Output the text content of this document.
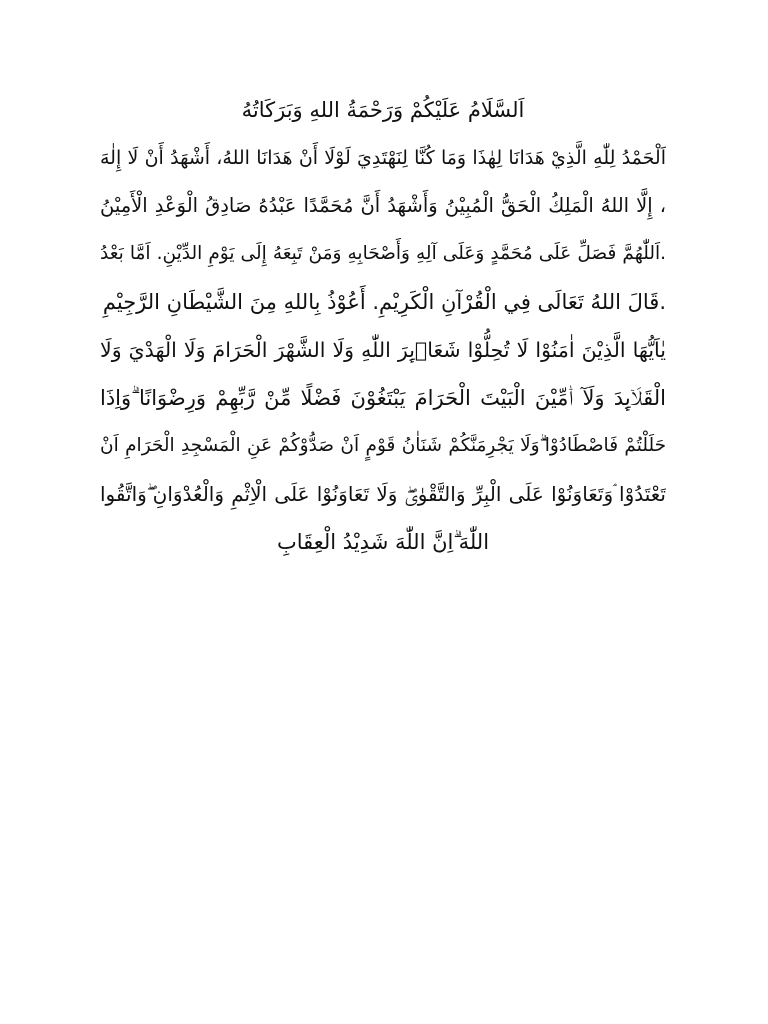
اَلسَّلَامُ عَلَيْكُمْ وَرَحْمَةُ اللهِ وَبَرَكَاتُهُ
اَلْحَمْدُ لِلّٰهِ الَّذِيْ هَدَانَا لِهٰذَا وَمَا كُنَّا لِنَهْتَدِيَ لَوْلَا أَنْ هَدَانَا اللهُ، أَشْهَدُ أَنْ لَا إِلٰهَ
، إِلَّا اللهُ الْمَلِكُ الْحَقُّ الْمُبِيْنُ وَأَشْهَدُ أَنَّ مُحَمَّدًا عَبْدُهُ صَادِقُ الْوَعْدِ الْأَمِيْنُ
.اَللّٰهُمَّ فَصَلِّ عَلَى مُحَمَّدٍ وَعَلَى آلِهِ وَأَصْحَابِهِ وَمَنْ تَبِعَهُ إِلَى يَوْمِ الدِّيْنِ. اَمَّا بَعْدُ
.قَالَ اللهُ تَعَالَى فِي الْقُرْآنِ الْكَرِيْمِ. أَعُوْذُ بِاللهِ مِنَ الشَّيْطَانِ الرَّجِيْمِ
يٰاَيُّهَا الَّذِيْنَ اٰمَنُوْا لَا تُحِلُّوْا شَعَاۤىِٕرَ اللّٰهِ وَلَا الشَّهْرَ الْحَرَامَ وَلَا الْهَدْيَ وَلَا
الْقَلَاۤىِٕدَ وَلَآ اٰۤمِّيْنَ الْبَيْتَ الْحَرَامَ يَبْتَغُوْنَ فَضْلًا مِّنْ رَّبِّهِمْ وَرِضْوَانًا ۗوَاِذَا
حَلَلْتُمْ فَاصْطَادُوْا ۗوَلَا يَجْرِمَنَّكُمْ شَنَاٰنُ قَوْمٍ اَنْ صَدُّوْكُمْ عَنِ الْمَسْجِدِ الْحَرَامِ اَنْ
تَعْتَدُوْا ۘوَتَعَاوَنُوْا عَلَى الْبِرِّ وَالتَّقْوٰىۖ وَلَا تَعَاوَنُوْا عَلَى الْاِثْمِ وَالْعُدْوَانِ ۖوَاتَّقُوا
اللّٰهَ ۗاِنَّ اللّٰهَ شَدِيْدُ الْعِقَابِ
